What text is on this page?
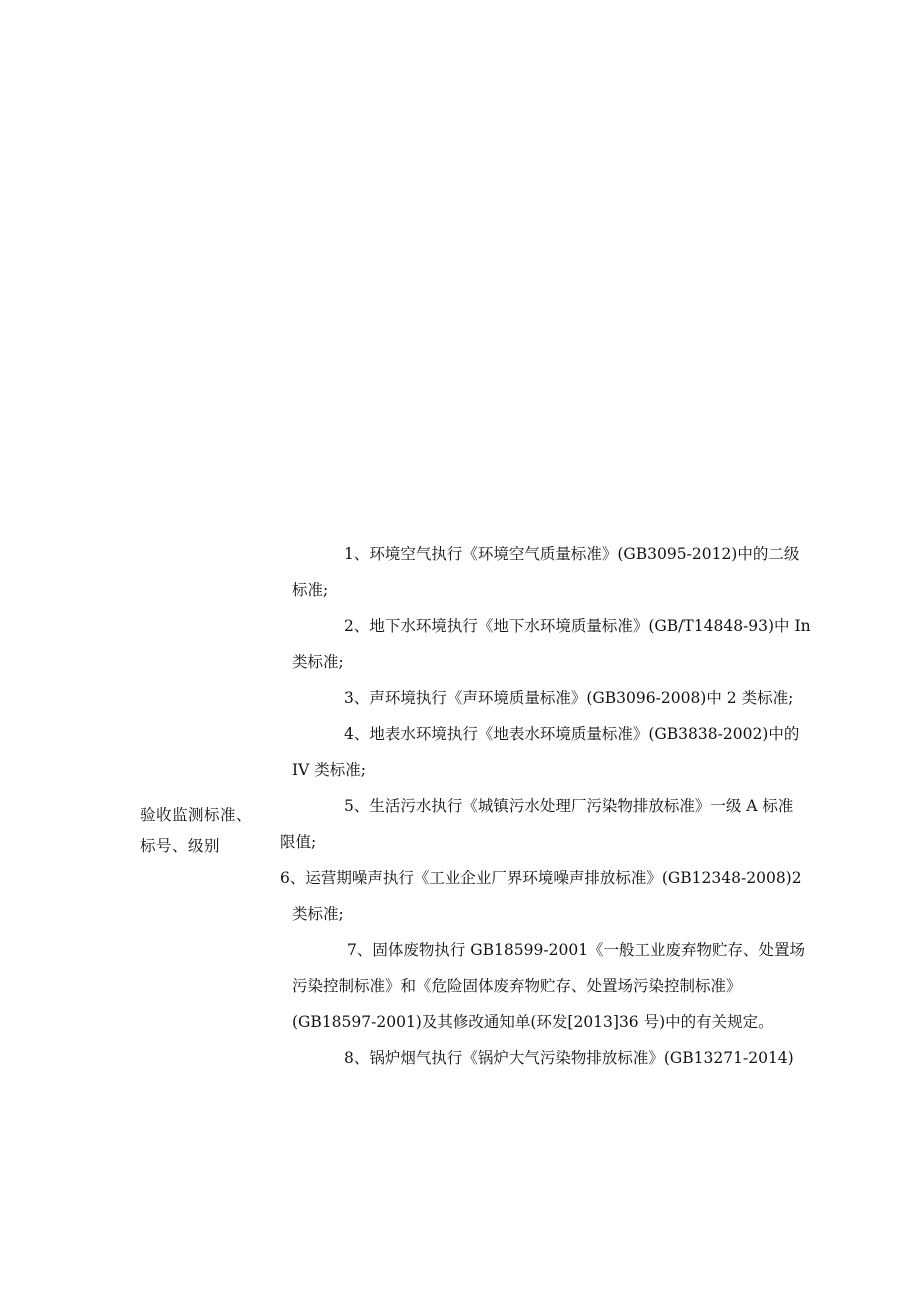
验收监测标准、
标号、级别
1、环境空气执行《环境空气质量标准》(GB3095-2012)中的二级
标准;
2、地下水环境执行《地下水环境质量标准》(GB/T14848-93)中 In
类标准;
3、声环境执行《声环境质量标准》(GB3096-2008)中 2 类标准;
4、地表水环境执行《地表水环境质量标准》(GB3838-2002)中的
IV 类标准;
5、生活污水执行《城镇污水处理厂污染物排放标准》一级 A 标准
限值;
6、运营期噪声执行《工业企业厂界环境噪声排放标准》(GB12348-2008)2
类标准;
7、固体废物执行 GB18599-2001《一般工业废弃物贮存、处置场
污染控制标准》和《危险固体废弃物贮存、处置场污染控制标准》
(GB18597-2001)及其修改通知单(环发[2013]36 号)中的有关规定。
8、锅炉烟气执行《锅炉大气污染物排放标准》(GB13271-2014)
